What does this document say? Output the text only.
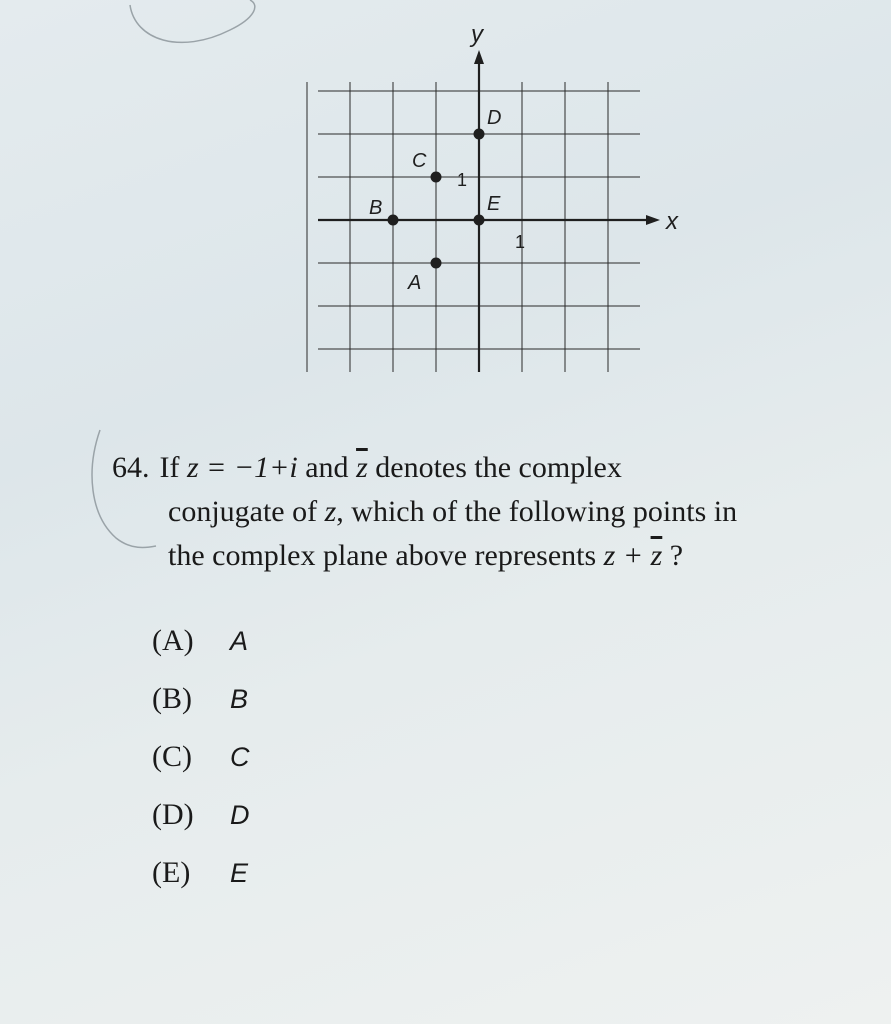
x
y
1
1
A
B
C
D
E
64. If z = −1+i and $\overline{z}$ denotes the complex
conjugate of z, which of the following points in
the complex plane above represents $z + \overline{z}$ ?
(A) A
(B) B
(C) C
(D) D
(E) E
